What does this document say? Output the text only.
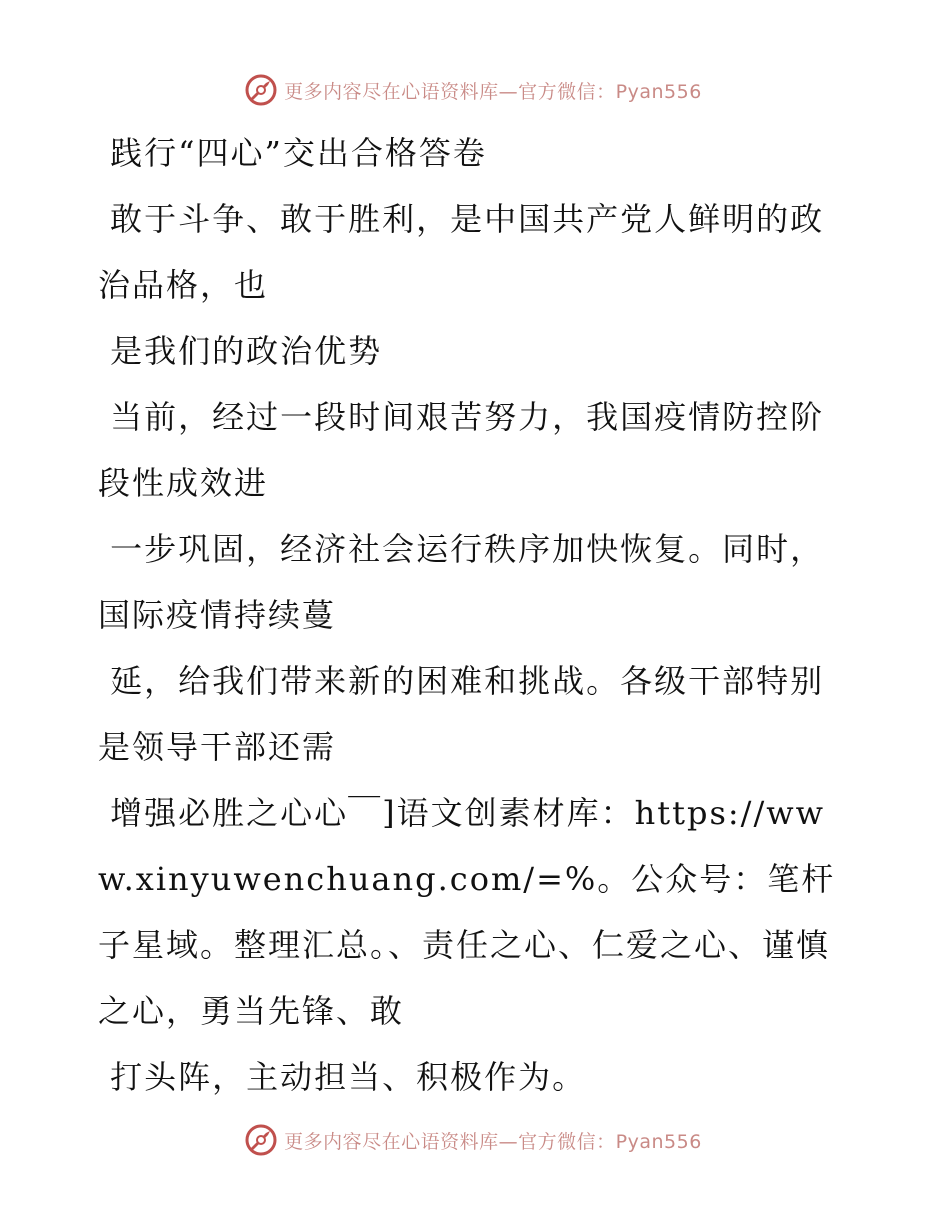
更多内容尽在心语资料库—官方微信：Pyan556

践行“四心”交出合格答卷

敢于斗争、敢于胜利，是中国共产党人鲜明的政治品格，也

是我们的政治优势

当前，经过一段时间艰苦努力，我国疫情防控阶段性成效进

一步巩固，经济社会运行秩序加快恢复。同时，国际疫情持续蔓

延，给我们带来新的困难和挑战。各级干部特别是领导干部还需

增强必胜之心心￣]语文创素材库：https://www.xinyuwenchuang.com/=%。公众号：笔杆子星域。整理汇总。、责任之心、仁爱之心、谨慎之心，勇当先锋、敢

打头阵，主动担当、积极作为。

更多内容尽在心语资料库—官方微信：Pyan556
